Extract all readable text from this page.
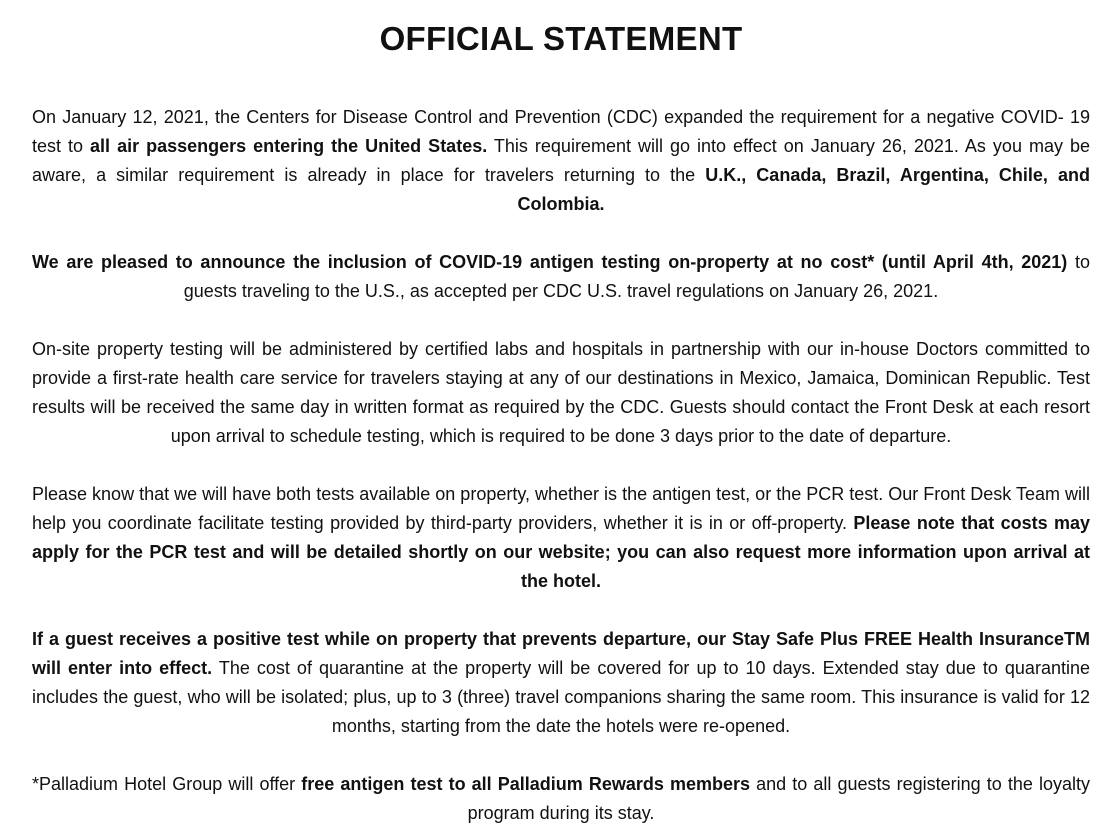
OFFICIAL STATEMENT

On January 12, 2021, the Centers for Disease Control and Prevention (CDC) expanded the requirement for a negative COVID- 19 test to all air passengers entering the United States. This requirement will go into effect on January 26, 2021. As you may be aware, a similar requirement is already in place for travelers returning to the U.K., Canada, Brazil, Argentina, Chile, and Colombia.

We are pleased to announce the inclusion of COVID-19 antigen testing on-property at no cost* (until April 4th, 2021) to guests traveling to the U.S., as accepted per CDC U.S. travel regulations on January 26, 2021.

On-site property testing will be administered by certified labs and hospitals in partnership with our in-house Doctors committed to provide a first-rate health care service for travelers staying at any of our destinations in Mexico, Jamaica, Dominican Republic. Test results will be received the same day in written format as required by the CDC. Guests should contact the Front Desk at each resort upon arrival to schedule testing, which is required to be done 3 days prior to the date of departure.

Please know that we will have both tests available on property, whether is the antigen test, or the PCR test. Our Front Desk Team will help you coordinate facilitate testing provided by third-party providers, whether it is in or off-property. Please note that costs may apply for the PCR test and will be detailed shortly on our website; you can also request more information upon arrival at the hotel.

If a guest receives a positive test while on property that prevents departure, our Stay Safe Plus FREE Health InsuranceTM will enter into effect. The cost of quarantine at the property will be covered for up to 10 days. Extended stay due to quarantine includes the guest, who will be isolated; plus, up to 3 (three) travel companions sharing the same room. This insurance is valid for 12 months, starting from the date the hotels were re-opened.

*Palladium Hotel Group will offer free antigen test to all Palladium Rewards members and to all guests registering to the loyalty program during its stay.
